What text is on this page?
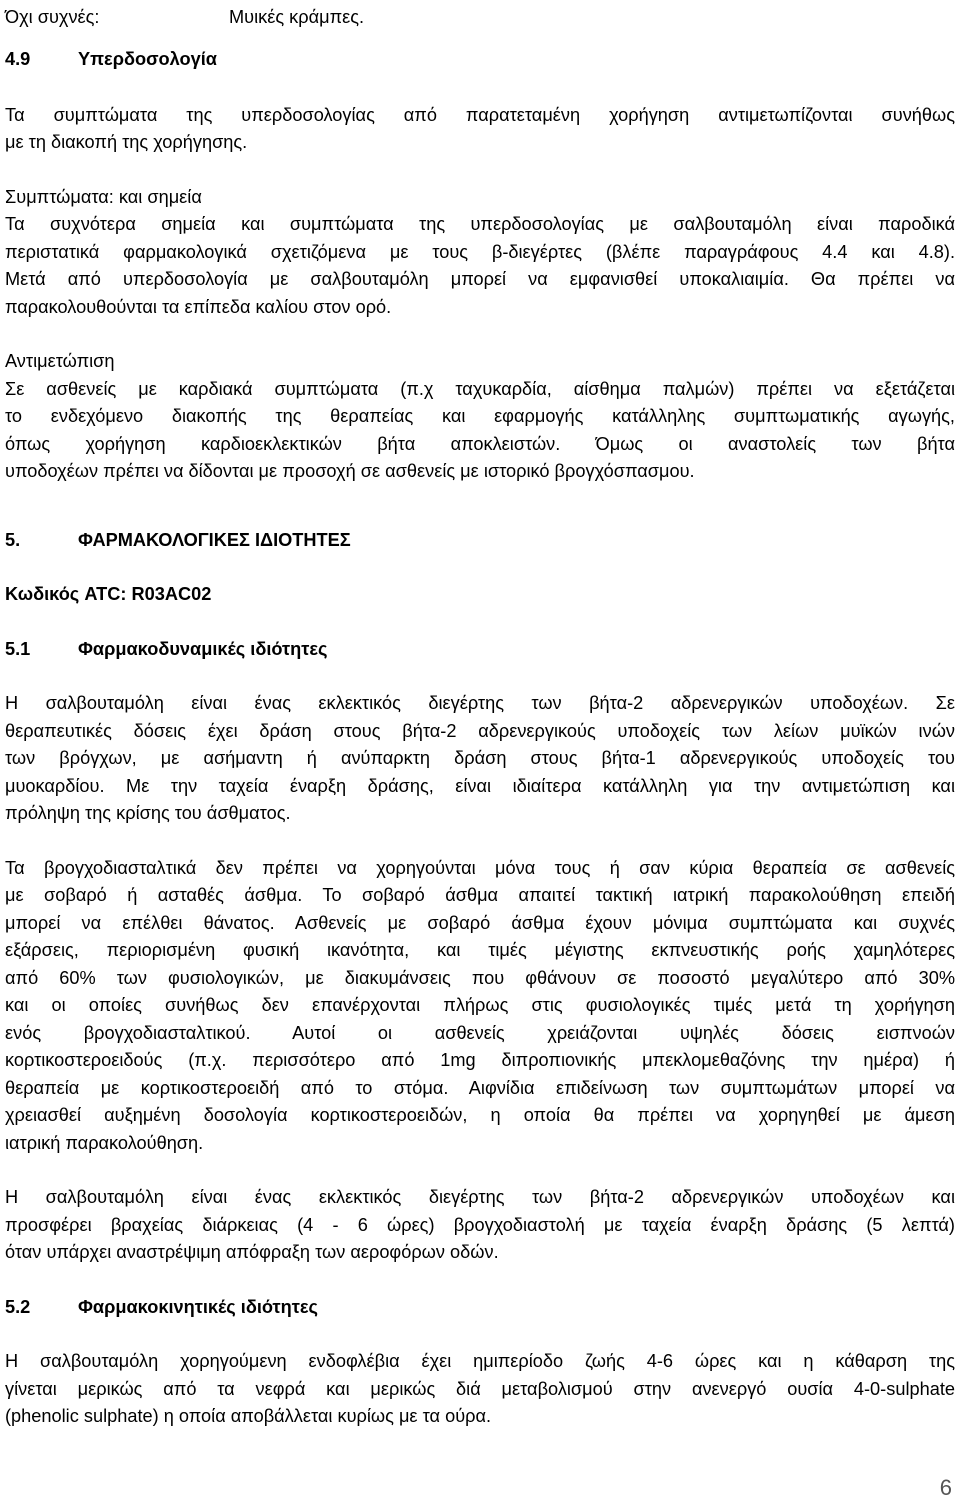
Όχι συχνές:	Μυικές κράμπες.
4.9	Υπερδοσολογία
Τα συμπτώματα της υπερδοσολογίας από παρατεταμένη χορήγηση αντιμετωπίζονται συνήθως
με τη διακοπή της χορήγησης.
Συμπτώματα: και σημεία
Τα συχνότερα σημεία και συμπτώματα της υπερδοσολογίας με σαλβουταμόλη είναι παροδικά
περιστατικά φαρμακολογικά σχετιζόμενα με τους β-διεγέρτες (βλέπε παραγράφους 4.4 και 4.8).
Μετά από υπερδοσολογία με σαλβουταμόλη μπορεί να εμφανισθεί υποκαλιαιμία. Θα πρέπει να
παρακολουθούνται τα επίπεδα καλίου στον ορό.
Αντιμετώπιση
Σε ασθενείς με καρδιακά συμπτώματα (π.χ ταχυκαρδία, αίσθημα παλμών) πρέπει να εξετάζεται
το ενδεχόμενο διακοπής της θεραπείας και εφαρμογής κατάλληλης συμπτωματικής αγωγής,
όπως χορήγηση καρδιοεκλεκτικών βήτα αποκλειστών. Όμως οι αναστολείς των βήτα
υποδοχέων πρέπει να δίδονται με προσοχή σε ασθενείς με ιστορικό βρογχόσπασμου.
5.	ΦΑΡΜΑΚΟΛΟΓΙΚΕΣ ΙΔΙΟΤΗΤΕΣ
Κωδικός ATC: R03AC02
5.1	Φαρμακοδυναμικές ιδιότητες
Η σαλβουταμόλη είναι ένας εκλεκτικός διεγέρτης των βήτα-2 αδρενεργικών υποδοχέων. Σε
θεραπευτικές δόσεις έχει δράση στους βήτα-2 αδρενεργικούς υποδοχείς των λείων μυϊκών ινών
των βρόγχων, με ασήμαντη ή ανύπαρκτη δράση στους βήτα-1 αδρενεργικούς υποδοχείς του
μυοκαρδίου. Με την ταχεία έναρξη δράσης, είναι ιδιαίτερα κατάλληλη για την αντιμετώπιση και
πρόληψη της κρίσης του άσθματος.
Τα βρογχοδιασταλτικά δεν πρέπει να χορηγούνται μόνα τους ή σαν κύρια θεραπεία σε ασθενείς
με σοβαρό ή ασταθές άσθμα. Το σοβαρό άσθμα απαιτεί τακτική ιατρική παρακολούθηση επειδή
μπορεί να επέλθει θάνατος. Ασθενείς με σοβαρό άσθμα έχουν μόνιμα συμπτώματα και συχνές
εξάρσεις, περιορισμένη φυσική ικανότητα, και τιμές μέγιστης εκπνευστικής ροής χαμηλότερες
από 60% των φυσιολογικών, με διακυμάνσεις που φθάνουν σε ποσοστό μεγαλύτερο από 30%
και οι οποίες συνήθως δεν επανέρχονται πλήρως στις φυσιολογικές τιμές μετά τη χορήγηση
ενός βρογχοδιασταλτικού. Αυτοί οι ασθενείς χρειάζονται υψηλές δόσεις εισπνοών
κορτικοστεροειδούς (π.χ. περισσότερο από 1mg διπροπιονικής μπεκλομεθαζόνης την ημέρα) ή
θεραπεία με κορτικοστεροειδή από το στόμα. Αιφνίδια επιδείνωση των συμπτωμάτων μπορεί να
χρειασθεί αυξημένη δοσολογία κορτικοστεροειδών, η οποία θα πρέπει να χορηγηθεί με άμεση
ιατρική παρακολούθηση.
Η σαλβουταμόλη είναι ένας εκλεκτικός διεγέρτης των βήτα-2 αδρενεργικών υποδοχέων και
προσφέρει βραχείας διάρκειας (4 - 6 ώρες) βρογχοδιαστολή με ταχεία έναρξη δράσης (5 λεπτά)
όταν υπάρχει αναστρέψιμη απόφραξη των αεροφόρων οδών.
5.2	Φαρμακοκινητικές ιδιότητες
Η σαλβουταμόλη χορηγούμενη ενδοφλέβια έχει ημιπερίοδο ζωής 4-6 ώρες και η κάθαρση της
γίνεται μερικώς από τα νεφρά και μερικώς διά μεταβολισμού στην ανενεργό ουσία 4-0-sulphate
(phenolic sulphate) η οποία αποβάλλεται κυρίως με τα ούρα.
6
